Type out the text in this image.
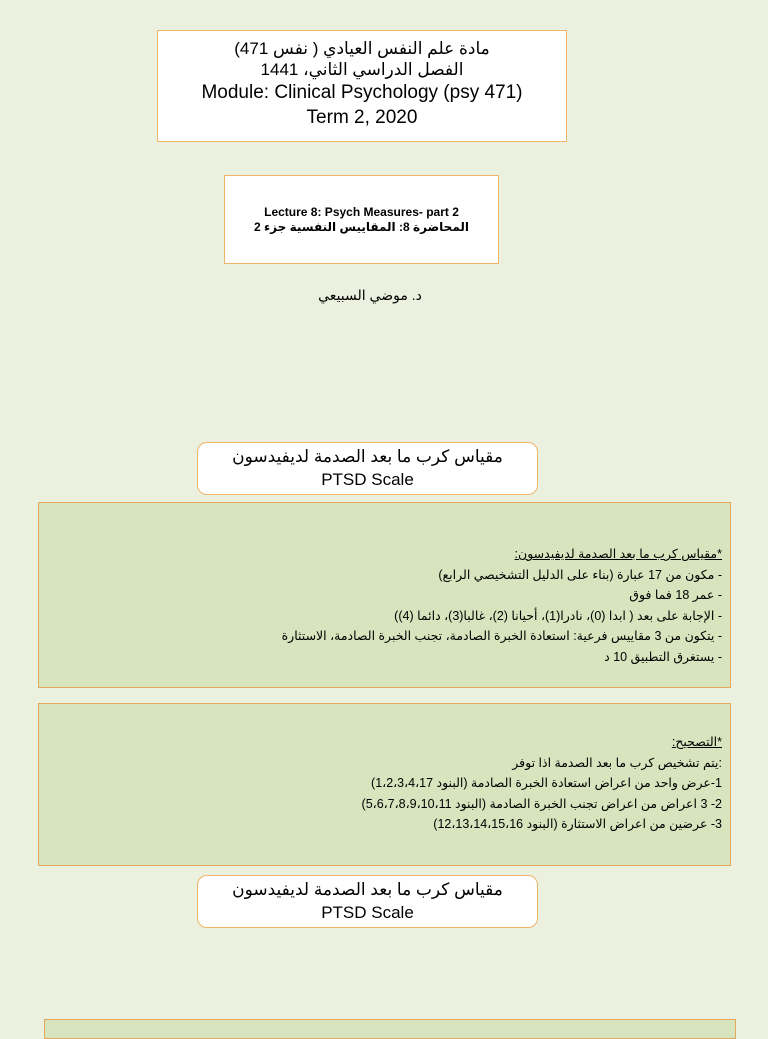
مادة علم النفس العيادي ( نفس 471)
الفصل الدراسي الثاني، 1441
Module: Clinical Psychology (psy 471)
Term 2, 2020
Lecture 8: Psych Measures- part 2
المحاضرة 8: المقاييس النفسية جزء 2
د. موضي السبيعي
مقياس كرب ما بعد الصدمة لديفيدسون
PTSD Scale
*مقياس كرب ما بعد الصدمة لديفيدسون:
- مكون من 17 عبارة (بناء على الدليل التشخيصي الرابع)
- عمر 18 فما فوق
- الإجابة على بعد ( ابدا (0)، نادرا(1)، أحيانا (2)، غالبا(3)، دائما (4))
- يتكون من 3 مقاييس فرعية: استعادة الخبرة الصادمة، تجنب الخبرة الصادمة، الاستثارة
- يستغرق التطبيق 10 د
*التصحيح:
:يتم تشخيص كرب ما بعد الصدمة اذا توفر
1-عرض واحد من اعراض استعادة الخبرة الصادمة (البنود 1،2،3،4،17)
2- 3 اعراض من اعراض تجنب الخبرة الصادمة (البنود 5،6،7،8،9،10،11)
3- عرضين من اعراض الاستثارة (البنود 12،13،14،15،16)
مقياس كرب ما بعد الصدمة لديفيدسون
PTSD Scale
